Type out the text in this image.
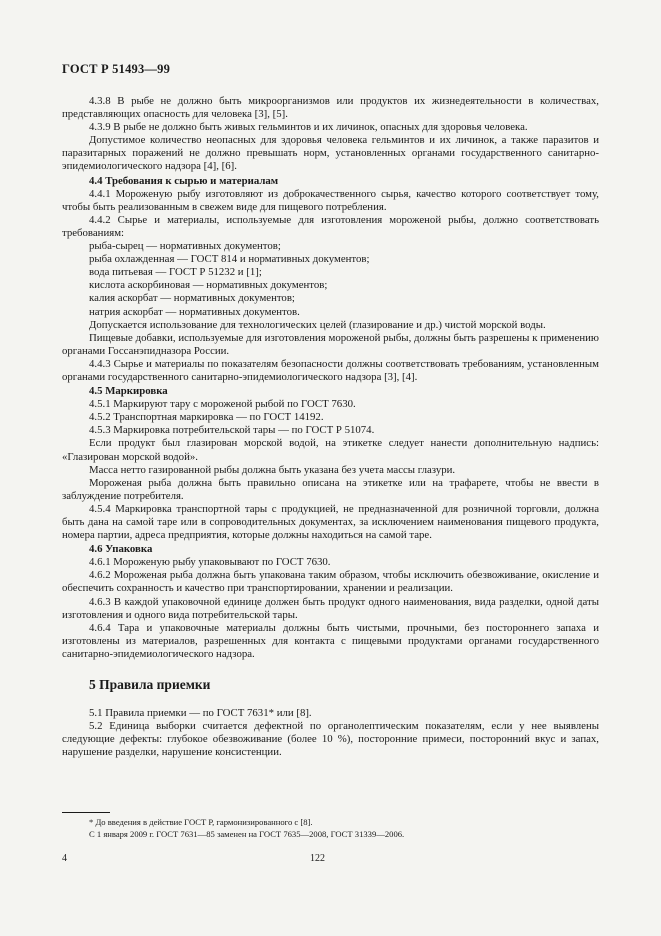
ГОСТ Р 51493—99

4.3.8 В рыбе не должно быть микроорганизмов или продуктов их жизнедеятельности в количествах, представляющих опасность для человека [3], [5].

4.3.9 В рыбе не должно быть живых гельминтов и их личинок, опасных для здоровья человека.

Допустимое количество неопасных для здоровья человека гельминтов и их личинок, а также паразитов и паразитарных поражений не должно превышать норм, установленных органами государственного санитарно-эпидемиологического надзора [4], [6].

4.4 Требования к сырью и материалам

4.4.1 Мороженую рыбу изготовляют из доброкачественного сырья, качество которого соответствует тому, чтобы быть реализованным в свежем виде для пищевого потребления.

4.4.2 Сырье и материалы, используемые для изготовления мороженой рыбы, должно соответствовать требованиям:

рыба-сырец — нормативных документов;

рыба охлажденная — ГОСТ 814 и нормативных документов;

вода питьевая — ГОСТ Р 51232 и [1];

кислота аскорбиновая — нормативных документов;

калия аскорбат — нормативных документов;

натрия аскорбат — нормативных документов.

Допускается использование для технологических целей (глазирование и др.) чистой морской воды.

Пищевые добавки, используемые для изготовления мороженой рыбы, должны быть разрешены к применению органами Госсанэпидназора России.

4.4.3 Сырье и материалы по показателям безопасности должны соответствовать требованиям, установленным органами государственного санитарно-эпидемиологического надзора [3], [4].

4.5 Маркировка

4.5.1 Маркируют тару с мороженой рыбой по ГОСТ 7630.

4.5.2 Транспортная маркировка — по ГОСТ 14192.

4.5.3 Маркировка потребительской тары — по ГОСТ Р 51074.

Если продукт был глазирован морской водой, на этикетке следует нанести дополнительную надпись: «Глазирован морской водой».

Масса нетто газированной рыбы должна быть указана без учета массы глазури.

Мороженая рыба должна быть правильно описана на этикетке или на трафарете, чтобы не ввести в заблуждение потребителя.

4.5.4 Маркировка транспортной тары с продукцией, не предназначенной для розничной торговли, должна быть дана на самой таре или в сопроводительных документах, за исключением наименования пищевого продукта, номера партии, адреса предприятия, которые должны находиться на самой таре.

4.6 Упаковка

4.6.1 Мороженую рыбу упаковывают по ГОСТ 7630.

4.6.2 Мороженая рыба должна быть упакована таким образом, чтобы исключить обезвоживание, окисление и обеспечить сохранность и качество при транспортировании, хранении и реализации.

4.6.3 В каждой упаковочной единице должен быть продукт одного наименования, вида разделки, одной даты изготовления и одного вида потребительской тары.

4.6.4 Тара и упаковочные материалы должны быть чистыми, прочными, без постороннего запаха и изготовлены из материалов, разрешенных для контакта с пищевыми продуктами органами государственного санитарно-эпидемиологического надзора.

5 Правила приемки

5.1 Правила приемки — по ГОСТ 7631* или [8].

5.2 Единица выборки считается дефектной по органолептическим показателям, если у нее выявлены следующие дефекты: глубокое обезвоживание (более 10 %), посторонние примеси, посторонний вкус и запах, нарушение разделки, нарушение консистенции.

* До введения в действие ГОСТ Р, гармонизированного с [8].

С 1 января 2009 г. ГОСТ 7631—85 заменен на ГОСТ 7635—2008, ГОСТ 31339—2006.

4	122
